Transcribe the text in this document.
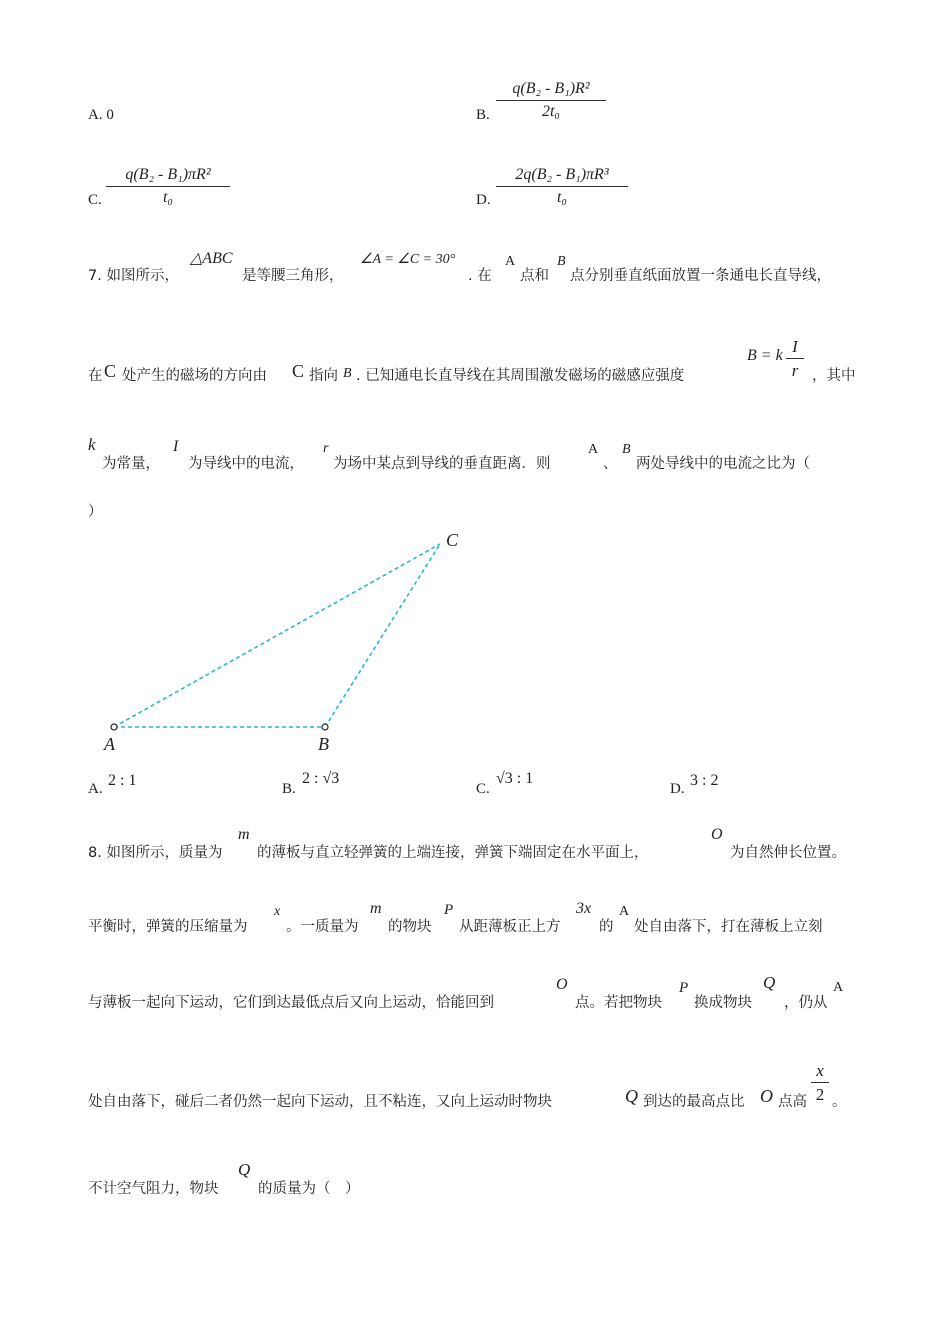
A. 0	B.
q(B₂ - B₁)R²
2t₀
C.
q(B₂ - B₁)πR²
t₀	D.
2q(B₂ - B₁)πR³
t₀
7. 如图所示，
△ABC
是等腰三角形，
∠A = ∠C = 30°
. 在
A
点和
B
点分别垂直纸面放置一条通电长直导线，
在 C 处产生的磁场的方向由 C 指向 B . 已知通电长直导线在其周围激发磁场的磁感应强度
B = k I
r ，其中
k
为常量，
I
为导线中的电流，
r
为场中某点到导线的垂直距离．则
A
、
B
两处导线中的电流之比为（
）
A	B
C
A. 2 : 1	B.
2 : √3
C.
√3 : 1
D. 3 : 2
8. 如图所示，质量为
m
的薄板与直立轻弹簧的上端连接，弹簧下端固定在水平面上，
O
为自然伸长位置。
平衡时，弹簧的压缩量为
x
。一质量为
m
的物块
P
从距薄板正上方
3x
的
A
处自由落下，打在薄板上立刻
与薄板一起向下运动，它们到达最低点后又向上运动，恰能回到
O
点。若把物块
P
换成物块
Q
，仍从
A
处自由落下，碰后二者仍然一起向下运动，且不粘连，又向上运动时物块	Q 到达的最高点比 O 点高
x
2 。
不计空气阻力，物块
Q
的质量为（　）
